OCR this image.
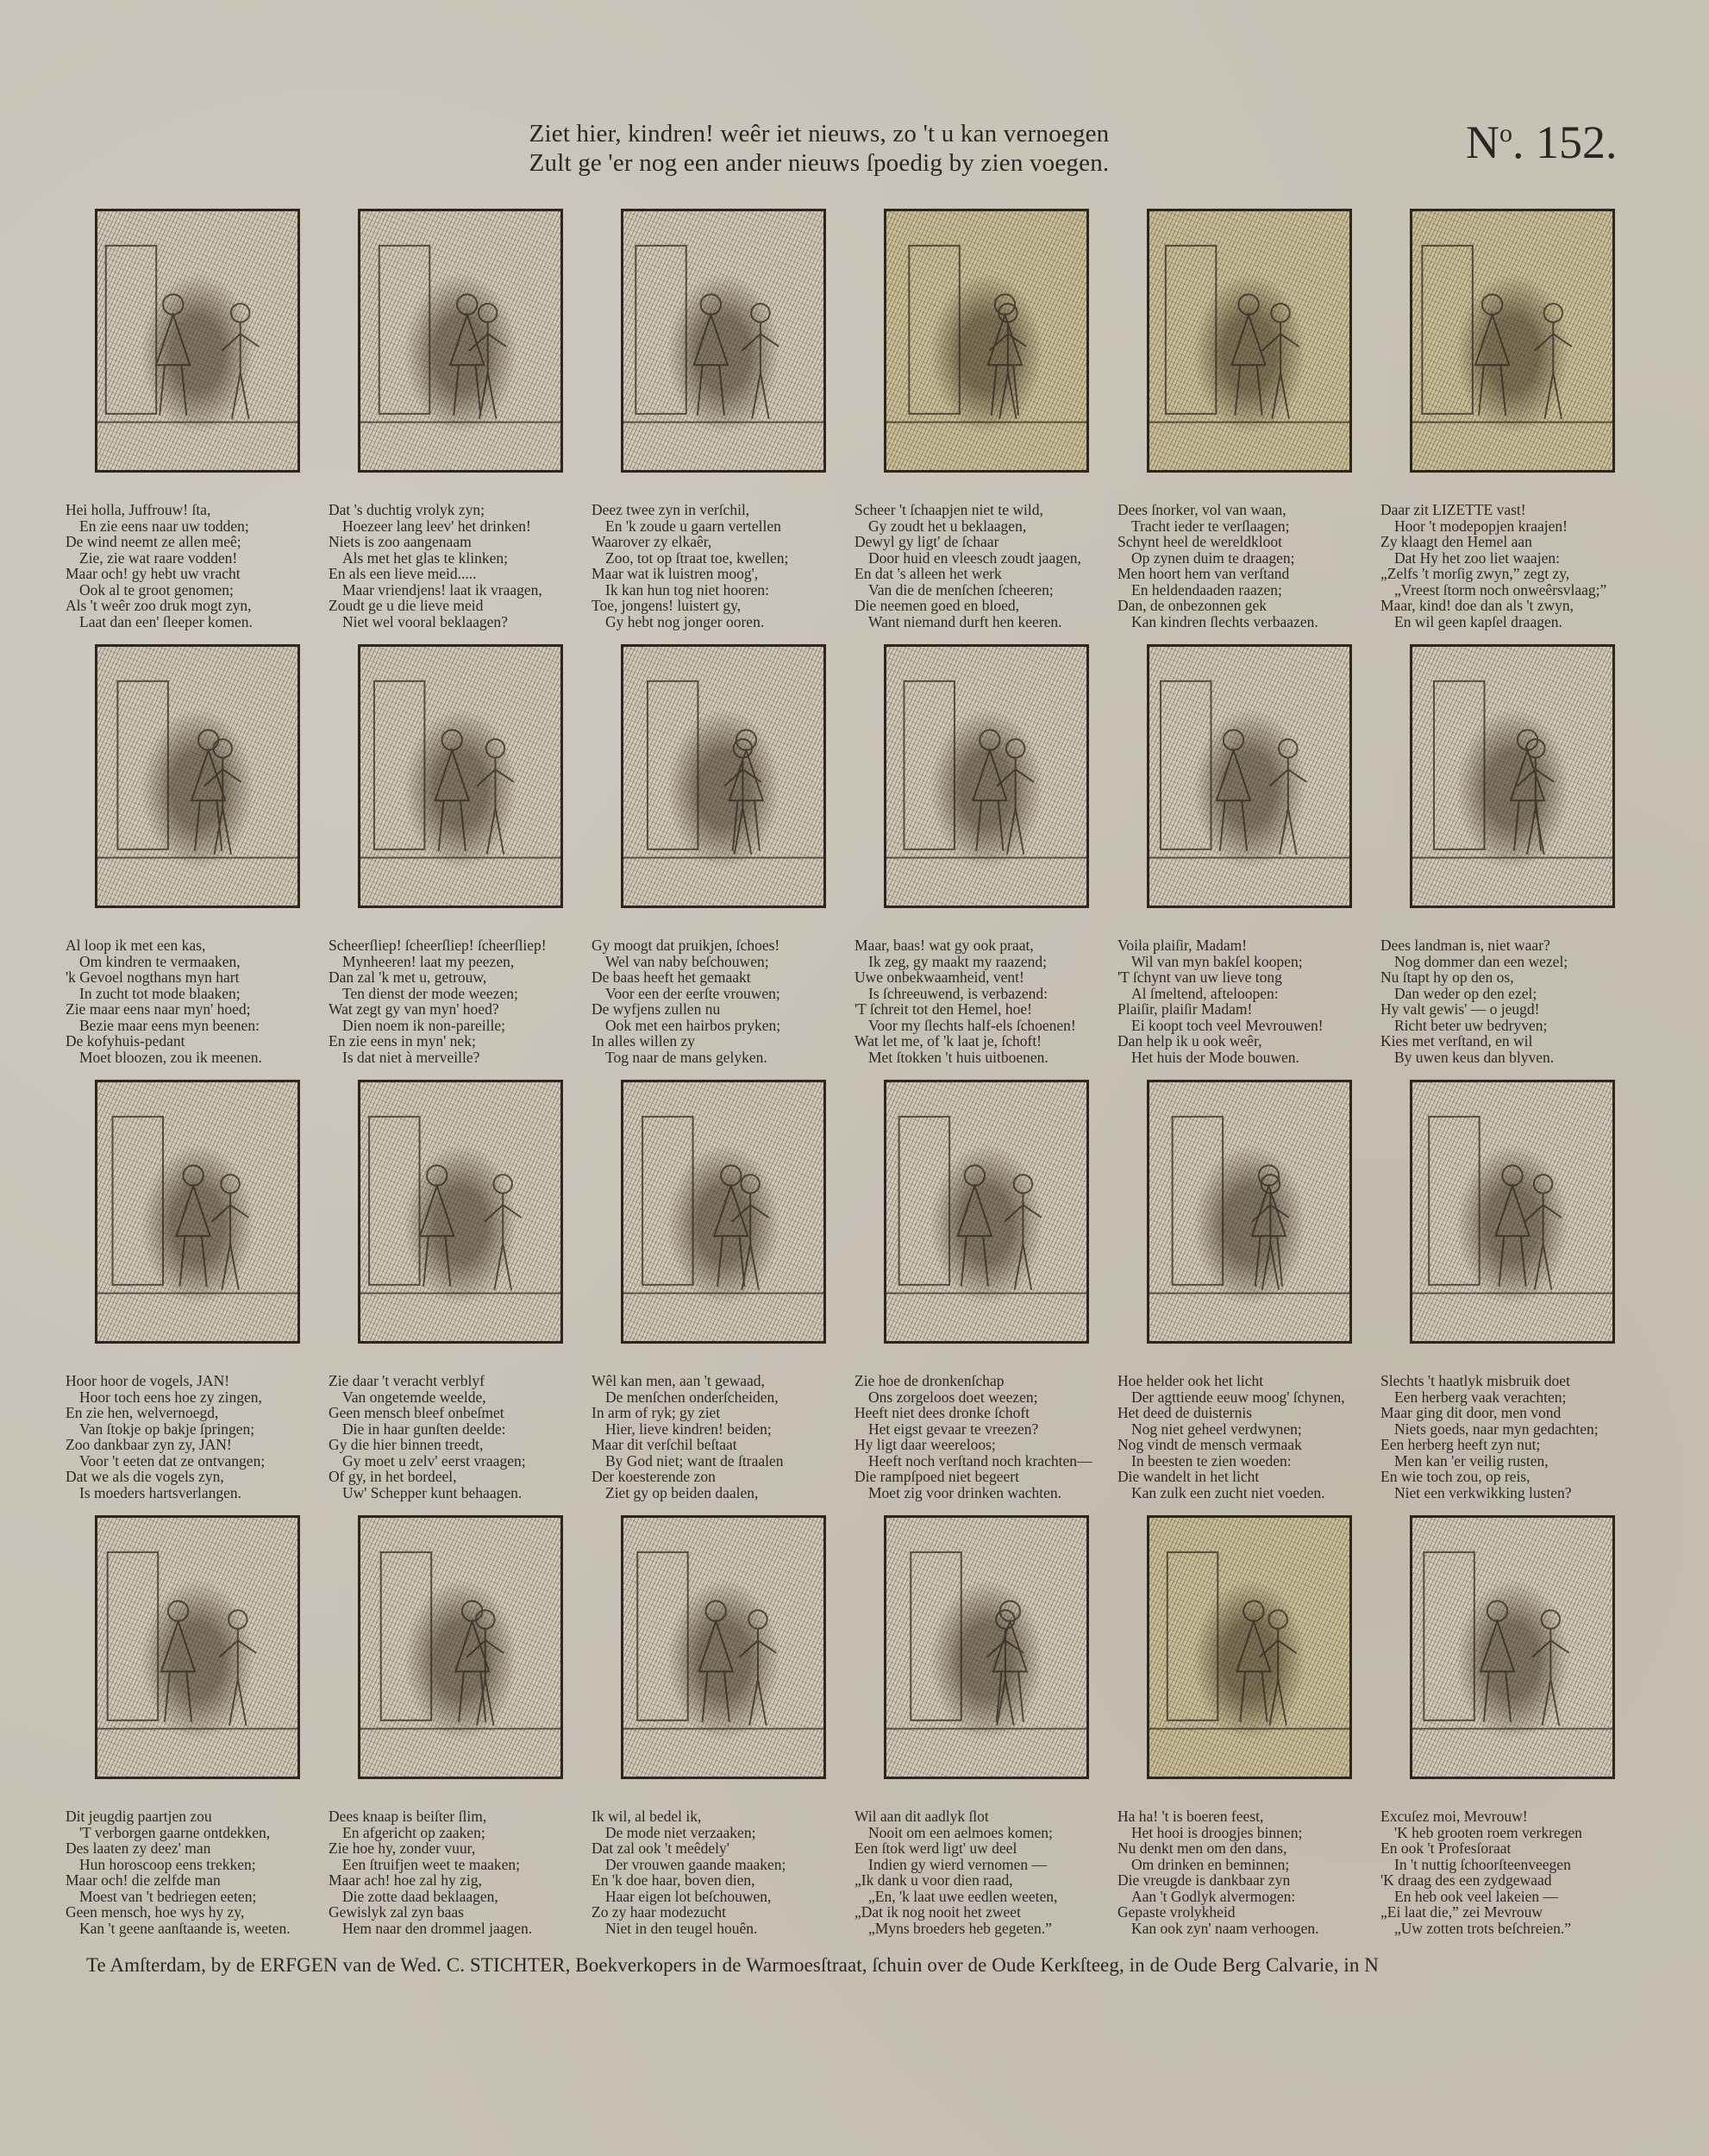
Ziet hier, kindren! weêr iet nieuws, zo 't u kan vernoegen
Zult ge 'er nog een ander nieuws ſpoedig by zien voegen.	$N^o$. 152.
Hei holla, Juffrouw! ſta,
En zie eens naar uw todden;
De wind neemt ze allen meê;
Zie, zie wat raare vodden!
Maar och! gy hebt uw vracht
Ook al te groot genomen;
Als 't weêr zoo druk mogt zyn,
Laat dan een' ſleeper komen.
Dat 's duchtig vrolyk zyn;
Hoezeer lang leev' het drinken!
Niets is zoo aangenaam
Als met het glas te klinken;
En als een lieve meid.....
Maar vriendjens! laat ik vraagen,
Zoudt ge u die lieve meid
Niet wel vooral beklaagen?
Deez twee zyn in verſchil,
En 'k zoude u gaarn vertellen
Waarover zy elkaêr,
Zoo, tot op ſtraat toe, kwellen;
Maar wat ik luistren moog',
Ik kan hun tog niet hooren:
Toe, jongens! luistert gy,
Gy hebt nog jonger ooren.
Scheer 't ſchaapjen niet te wild,
Gy zoudt het u beklaagen,
Dewyl gy ligt' de ſchaar
Door huid en vleesch zoudt jaagen,
En dat 's alleen het werk
Van die de menſchen ſcheeren;
Die neemen goed en bloed,
Want niemand durft hen keeren.
Dees ſnorker, vol van waan,
Tracht ieder te verſlaagen;
Schynt heel de wereldkloot
Op zynen duim te draagen;
Men hoort hem van verſtand
En heldendaaden raazen;
Dan, de onbezonnen gek
Kan kindren ſlechts verbaazen.
Daar zit LIZETTE vast!
Hoor 't modepopjen kraajen!
Zy klaagt den Hemel aan
Dat Hy het zoo liet waajen:
„Zelfs 't morſig zwyn,” zegt zy,
„Vreest ſtorm noch onweêrsvlaag;”
Maar, kind! doe dan als 't zwyn,
En wil geen kapſel draagen.
Al loop ik met een kas,
Om kindren te vermaaken,
'k Gevoel nogthans myn hart
In zucht tot mode blaaken;
Zie maar eens naar myn' hoed;
Bezie maar eens myn beenen:
De kofyhuis-pedant
Moet bloozen, zou ik meenen.
Scheerſliep! ſcheerſliep! ſcheerſliep!
Mynheeren! laat my peezen,
Dan zal 'k met u, getrouw,
Ten dienst der mode weezen;
Wat zegt gy van myn' hoed?
Dien noem ik non-pareille;
En zie eens in myn' nek;
Is dat niet à merveille?
Gy moogt dat pruikjen, ſchoes!
Wel van naby beſchouwen;
De baas heeft het gemaakt
Voor een der eerſte vrouwen;
De wyfjens zullen nu
Ook met een hairbos pryken;
In alles willen zy
Tog naar de mans gelyken.
Maar, baas! wat gy ook praat,
Ik zeg, gy maakt my raazend;
Uwe onbekwaamheid, vent!
Is ſchreeuwend, is verbazend:
'T ſchreit tot den Hemel, hoe!
Voor my ſlechts half-els ſchoenen!
Wat let me, of 'k laat je, ſchoft!
Met ſtokken 't huis uitboenen.
Voila plaiſir, Madam!
Wil van myn bakſel koopen;
'T ſchynt van uw lieve tong
Al ſmeltend, afteloopen:
Plaiſir, plaiſir Madam!
Ei koopt toch veel Mevrouwen!
Dan help ik u ook weêr,
Het huis der Mode bouwen.
Dees landman is, niet waar?
Nog dommer dan een wezel;
Nu ſtapt hy op den os,
Dan weder op den ezel;
Hy valt gewis' — o jeugd!
Richt beter uw bedryven;
Kies met verſtand, en wil
By uwen keus dan blyven.
Hoor hoor de vogels, JAN!
Hoor toch eens hoe zy zingen,
En zie hen, welvernoegd,
Van ſtokje op bakje ſpringen;
Zoo dankbaar zyn zy, JAN!
Voor 't eeten dat ze ontvangen;
Dat we als die vogels zyn,
Is moeders hartsverlangen.
Zie daar 't veracht verblyf
Van ongetemde weelde,
Geen mensch bleef onbeſmet
Die in haar gunſten deelde:
Gy die hier binnen treedt,
Gy moet u zelv' eerst vraagen;
Of gy, in het bordeel,
Uw' Schepper kunt behaagen.
Wêl kan men, aan 't gewaad,
De menſchen onderſcheiden,
In arm of ryk; gy ziet
Hier, lieve kindren! beiden;
Maar dit verſchil beſtaat
By God niet; want de ſtraalen
Der koesterende zon
Ziet gy op beiden daalen,
Zie hoe de dronkenſchap
Ons zorgeloos doet weezen;
Heeft niet dees dronke ſchoft
Het eigst gevaar te vreezen?
Hy ligt daar weereloos;
Heeft noch verſtand noch krachten—
Die rampſpoed niet begeert
Moet zig voor drinken wachten.
Hoe helder ook het licht
Der agttiende eeuw moog' ſchynen,
Het deed de duisternis
Nog niet geheel verdwynen;
Nog vindt de mensch vermaak
In beesten te zien woeden:
Die wandelt in het licht
Kan zulk een zucht niet voeden.
Slechts 't haatlyk misbruik doet
Een herberg vaak verachten;
Maar ging dit door, men vond
Niets goeds, naar myn gedachten;
Een herberg heeft zyn nut;
Men kan 'er veilig rusten,
En wie toch zou, op reis,
Niet een verkwikking lusten?
Dit jeugdig paartjen zou
'T verborgen gaarne ontdekken,
Des laaten zy deez' man
Hun horoscoop eens trekken;
Maar och! die zelfde man
Moest van 't bedriegen eeten;
Geen mensch, hoe wys hy zy,
Kan 't geene aanſtaande is, weeten.
Dees knaap is beiſter ſlim,
En afgericht op zaaken;
Zie hoe hy, zonder vuur,
Een ſtruifjen weet te maaken;
Maar ach! hoe zal hy zig,
Die zotte daad beklaagen,
Gewislyk zal zyn baas
Hem naar den drommel jaagen.
Ik wil, al bedel ik,
De mode niet verzaaken;
Dat zal ook 't meêdely'
Der vrouwen gaande maaken;
En 'k doe haar, boven dien,
Haar eigen lot beſchouwen,
Zo zy haar modezucht
Niet in den teugel houên.
Wil aan dit aadlyk ſlot
Nooit om een aelmoes komen;
Een ſtok werd ligt' uw deel
Indien gy wierd vernomen —
„Ik dank u voor dien raad,
„En, 'k laat uwe eedlen weeten,
„Dat ik nog nooit het zweet
„Myns broeders heb gegeten.”
Ha ha! 't is boeren feest,
Het hooi is droogjes binnen;
Nu denkt men om den dans,
Om drinken en beminnen;
Die vreugde is dankbaar zyn
Aan 't Godlyk alvermogen:
Gepaste vrolykheid
Kan ook zyn' naam verhoogen.
Excuſez moi, Mevrouw!
'K heb grooten roem verkregen
En ook 't Profesſoraat
In 't nuttig ſchoorſteenveegen
'K draag des een zydgewaad
En heb ook veel lakeien —
„Ei laat die,” zei Mevrouw
„Uw zotten trots beſchreien.”
Te Amſterdam, by de ERFGEN van de Wed. C. STICHTER, Boekverkopers in de Warmoesſtraat, ſchuin over de Oude Kerkſteeg, in de Oude Berg Calvarie, in N
